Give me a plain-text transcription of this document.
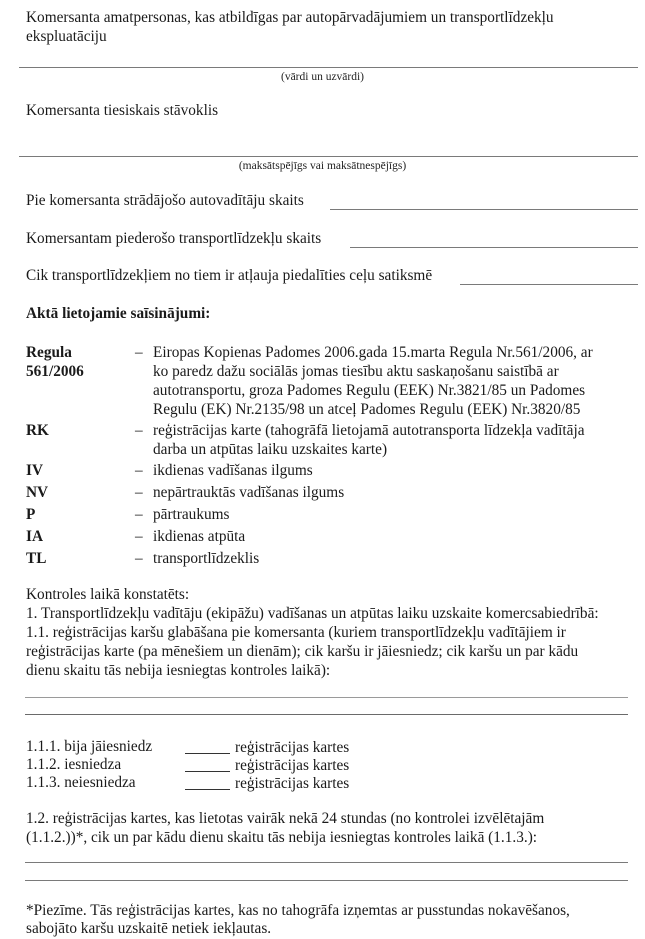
Komersanta amatpersonas, kas atbildīgas par autopārvadājumiem un transportlīdzekļu
ekspluatāciju
(vārdi un uzvārdi)
Komersanta tiesiskais stāvoklis
(maksātspējīgs vai maksātnespējīgs)
Pie komersanta strādājošo autovadītāju skaits
Komersantam piederošo transportlīdzekļu skaits
Cik transportlīdzekļiem no tiem ir atļauja piedalīties ceļu satiksmē
Aktā lietojamie saīsinājumi:
Regula
561/2006
– Eiropas Kopienas Padomes 2006.gada 15.marta Regula Nr.561/2006, ar
ko paredz dažu sociālās jomas tiesību aktu saskaņošanu saistībā ar
autotransportu, groza Padomes Regulu (EEK) Nr.3821/85 un Padomes
Regulu (EK) Nr.2135/98 un atceļ Padomes Regulu (EEK) Nr.3820/85
RK	– reģistrācijas karte (tahogrāfā lietojamā autotransporta līdzekļa vadītāja
darba un atpūtas laiku uzskaites karte)
IV	– ikdienas vadīšanas ilgums
NV	– nepārtrauktās vadīšanas ilgums
P	– pārtraukums
IA	– ikdienas atpūta
TL	– transportlīdzeklis
Kontroles laikā konstatēts:
1. Transportlīdzekļu vadītāju (ekipāžu) vadīšanas un atpūtas laiku uzskaite komercsabiedrībā:
1.1. reģistrācijas karšu glabāšana pie komersanta (kuriem transportlīdzekļu vadītājiem ir
reģistrācijas karte (pa mēnešiem un dienām); cik karšu ir jāiesniedz; cik karšu un par kādu
dienu skaitu tās nebija iesniegtas kontroles laikā):
1.1.1. bija jāiesniedz	reģistrācijas kartes
1.1.2. iesniedza	reģistrācijas kartes
1.1.3. neiesniedza	reģistrācijas kartes
1.2. reģistrācijas kartes, kas lietotas vairāk nekā 24 stundas (no kontrolei izvēlētajām
(1.1.2.))*, cik un par kādu dienu skaitu tās nebija iesniegtas kontroles laikā (1.1.3.):
*Piezīme. Tās reģistrācijas kartes, kas no tahogrāfa izņemtas ar pusstundas nokavēšanos,
sabojāto karšu uzskaitē netiek iekļautas.
